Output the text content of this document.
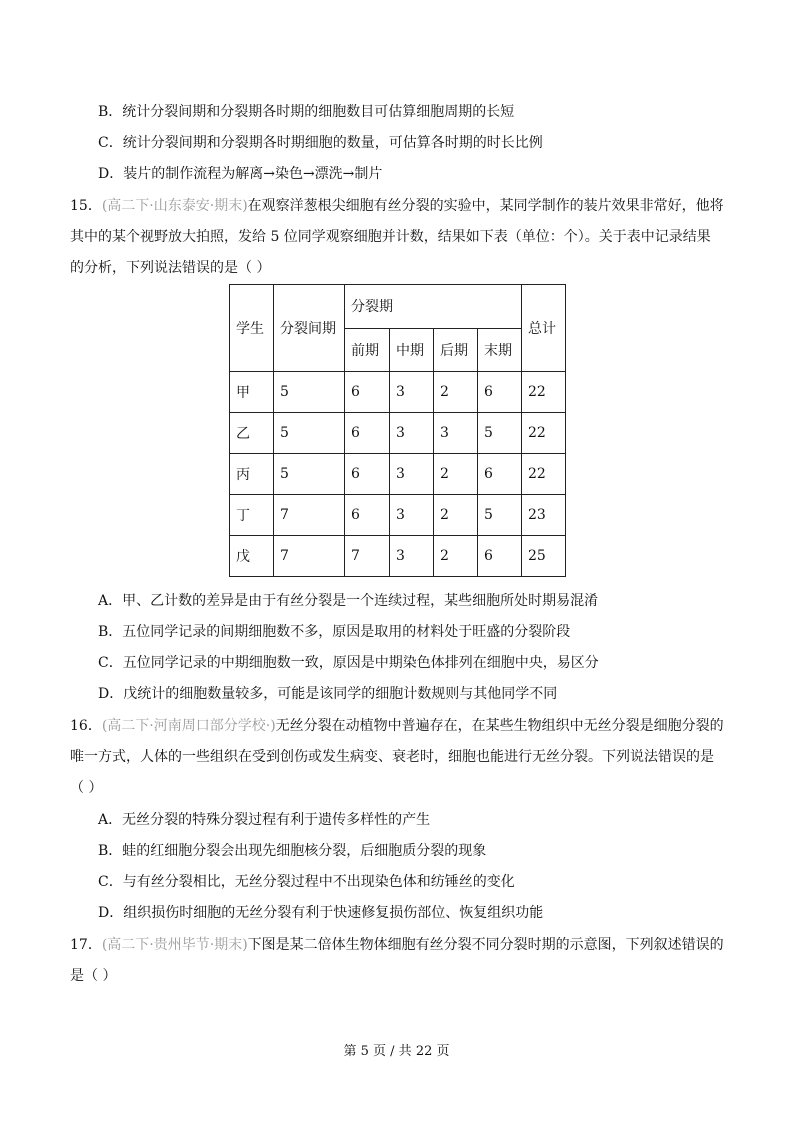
B．统计分裂间期和分裂期各时期的细胞数目可估算细胞周期的长短
C．统计分裂间期和分裂期各时期细胞的数量，可估算各时期的时长比例
D．装片的制作流程为解离→染色→漂洗→制片
15．(高二下·山东泰安·期末)在观察洋葱根尖细胞有丝分裂的实验中，某同学制作的装片效果非常好，他将
其中的某个视野放大拍照，发给 5 位同学观察细胞并计数，结果如下表（单位：个）。关于表中记录结果
的分析，下列说法错误的是（ ）
学生	分裂间期	分裂期				总计
		前期	中期	后期	末期	
甲	5	6	3	2	6	22
乙	5	6	3	3	5	22
丙	5	6	3	2	6	22
丁	7	6	3	2	5	23
戊	7	7	3	2	6	25
A．甲、乙计数的差异是由于有丝分裂是一个连续过程，某些细胞所处时期易混淆
B．五位同学记录的间期细胞数不多，原因是取用的材料处于旺盛的分裂阶段
C．五位同学记录的中期细胞数一致，原因是中期染色体排列在细胞中央，易区分
D．戊统计的细胞数量较多，可能是该同学的细胞计数规则与其他同学不同
16．(高二下·河南周口部分学校·)无丝分裂在动植物中普遍存在，在某些生物组织中无丝分裂是细胞分裂的
唯一方式，人体的一些组织在受到创伤或发生病变、衰老时，细胞也能进行无丝分裂。下列说法错误的是
（ ）
A．无丝分裂的特殊分裂过程有利于遗传多样性的产生
B．蛙的红细胞分裂会出现先细胞核分裂，后细胞质分裂的现象
C．与有丝分裂相比，无丝分裂过程中不出现染色体和纺锤丝的变化
D．组织损伤时细胞的无丝分裂有利于快速修复损伤部位、恢复组织功能
17．(高二下·贵州毕节·期末)下图是某二倍体生物体细胞有丝分裂不同分裂时期的示意图，下列叙述错误的
是（ ）
第 5 页 / 共 22 页
